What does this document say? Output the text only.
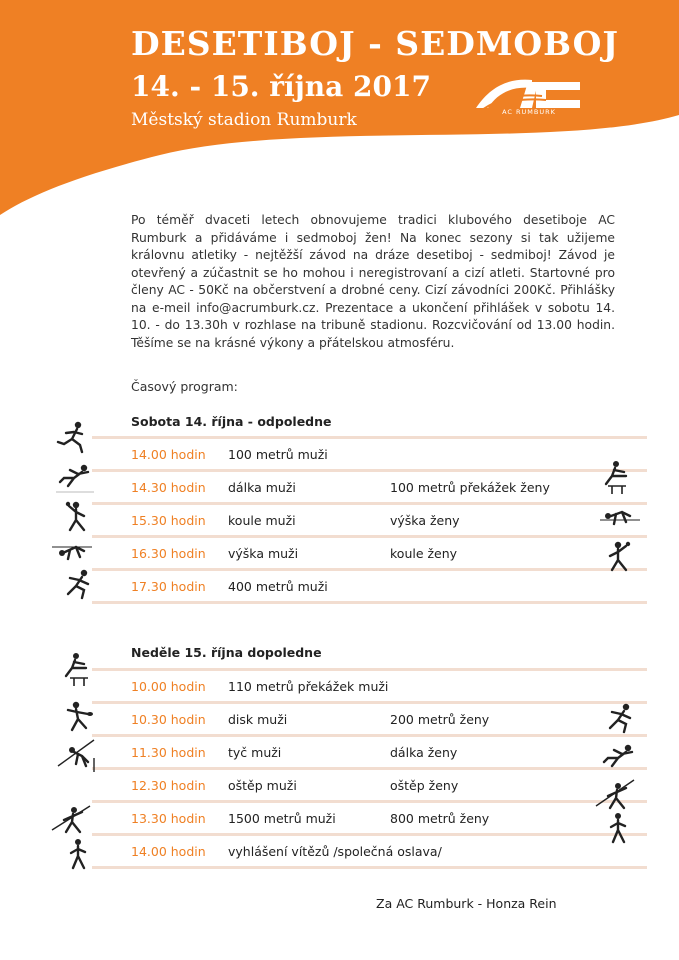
DESETIBOJ - SEDMOBOJ
14. - 15. října 2017
Městský stadion Rumburk	AC RUMBURK

Po téměř dvaceti letech obnovujeme tradici klubového desetiboje AC Rumburk a přidáváme i sedmoboj žen! Na konec sezony si tak užijeme královnu atletiky - nejtěžší závod na dráze desetiboj - sedmiboj! Závod je otevřený a zúčastnit se ho mohou i neregistrovaní a cizí atleti. Startovné pro členy AC - 50Kč na občerstvení a drobné ceny. Cizí závodníci 200Kč. Přihlášky na e-meil info@acrumburk.cz. Prezentace a ukončení přihlášek v sobotu 14. 10. - do 13.30h v rozhlase na tribuně stadionu. Rozcvičování od 13.00 hodin. Těšíme se na krásné výkony a přátelskou atmosféru.

Časový program:
Sobota 14. října - odpoledne
14.00 hodin 100 metrů muži
14.30 hodin dálka muži	100 metrů překážek ženy
15.30 hodin koule muži	výška ženy
16.30 hodin výška muži	koule ženy
17.30 hodin 400 metrů muži
Neděle 15. října dopoledne
10.00 hodin 110 metrů překážek muži
10.30 hodin disk muži	200 metrů ženy
11.30 hodin tyč muži	dálka ženy
12.30 hodin oštěp muži	oštěp ženy
13.30 hodin 1500 metrů muži	800 metrů ženy
14.00 hodin vyhlášení vítězů /společná oslava/
Za AC Rumburk - Honza Rein
